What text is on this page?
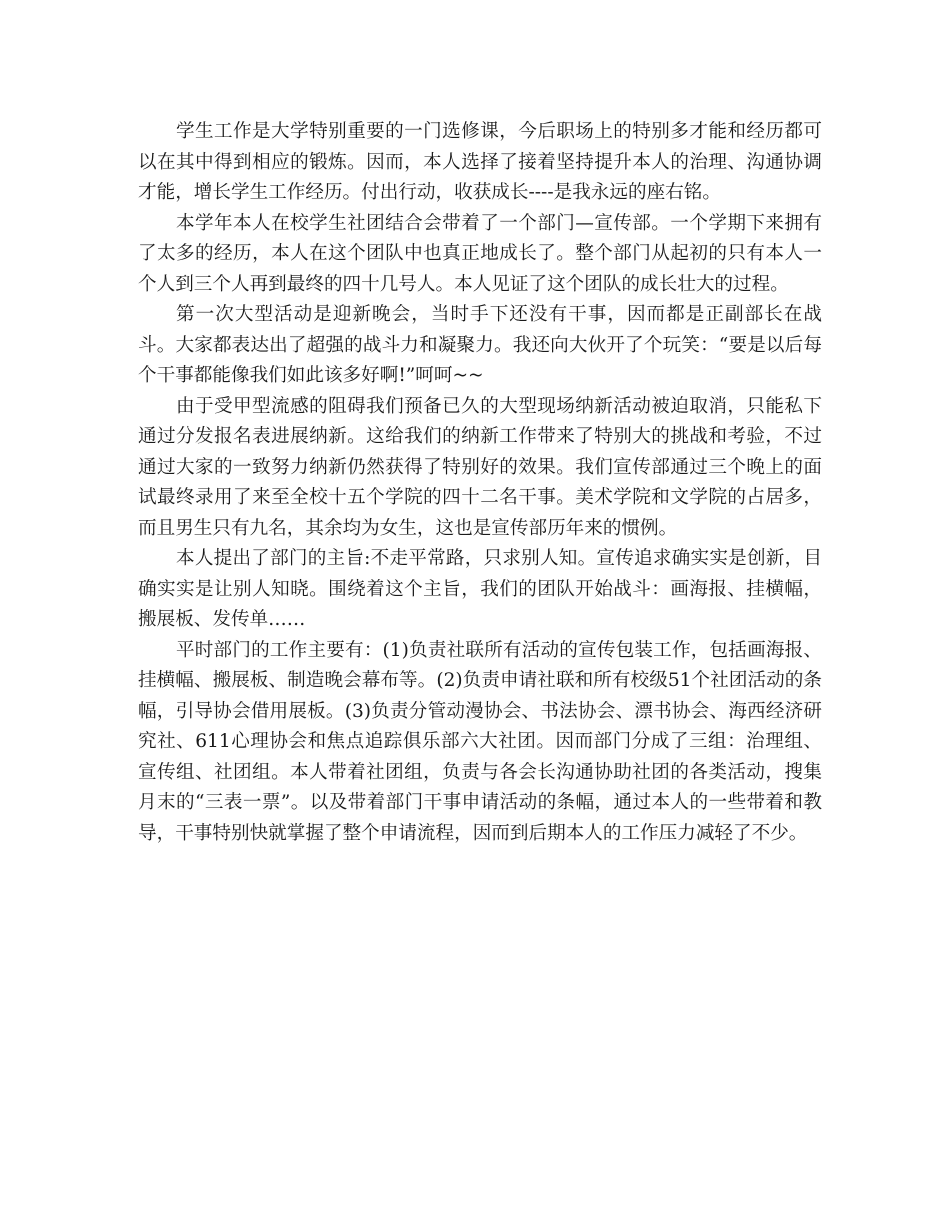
学生工作是大学特别重要的一门选修课，今后职场上的特别多才能和经历都可以在其中得到相应的锻炼。因而，本人选择了接着坚持提升本人的治理、沟通协调才能，增长学生工作经历。付出行动，收获成长----是我永远的座右铭。

本学年本人在校学生社团结合会带着了一个部门—宣传部。一个学期下来拥有了太多的经历，本人在这个团队中也真正地成长了。整个部门从起初的只有本人一个人到三个人再到最终的四十几号人。本人见证了这个团队的成长壮大的过程。

第一次大型活动是迎新晚会，当时手下还没有干事，因而都是正副部长在战斗。大家都表达出了超强的战斗力和凝聚力。我还向大伙开了个玩笑：“要是以后每个干事都能像我们如此该多好啊!”呵呵~~

由于受甲型流感的阻碍我们预备已久的大型现场纳新活动被迫取消，只能私下通过分发报名表进展纳新。这给我们的纳新工作带来了特别大的挑战和考验，不过通过大家的一致努力纳新仍然获得了特别好的效果。我们宣传部通过三个晚上的面试最终录用了来至全校十五个学院的四十二名干事。美术学院和文学院的占居多，而且男生只有九名，其余均为女生，这也是宣传部历年来的惯例。

本人提出了部门的主旨:不走平常路，只求别人知。宣传追求确实实是创新，目确实实是让别人知晓。围绕着这个主旨，我们的团队开始战斗：画海报、挂横幅，搬展板、发传单……

平时部门的工作主要有：(1)负责社联所有活动的宣传包装工作，包括画海报、挂横幅、搬展板、制造晚会幕布等。(2)负责申请社联和所有校级51个社团活动的条幅，引导协会借用展板。(3)负责分管动漫协会、书法协会、漂书协会、海西经济研究社、611心理协会和焦点追踪俱乐部六大社团。因而部门分成了三组：治理组、宣传组、社团组。本人带着社团组，负责与各会长沟通协助社团的各类活动，搜集月末的“三表一票”。以及带着部门干事申请活动的条幅，通过本人的一些带着和教导，干事特别快就掌握了整个申请流程，因而到后期本人的工作压力减轻了不少。
